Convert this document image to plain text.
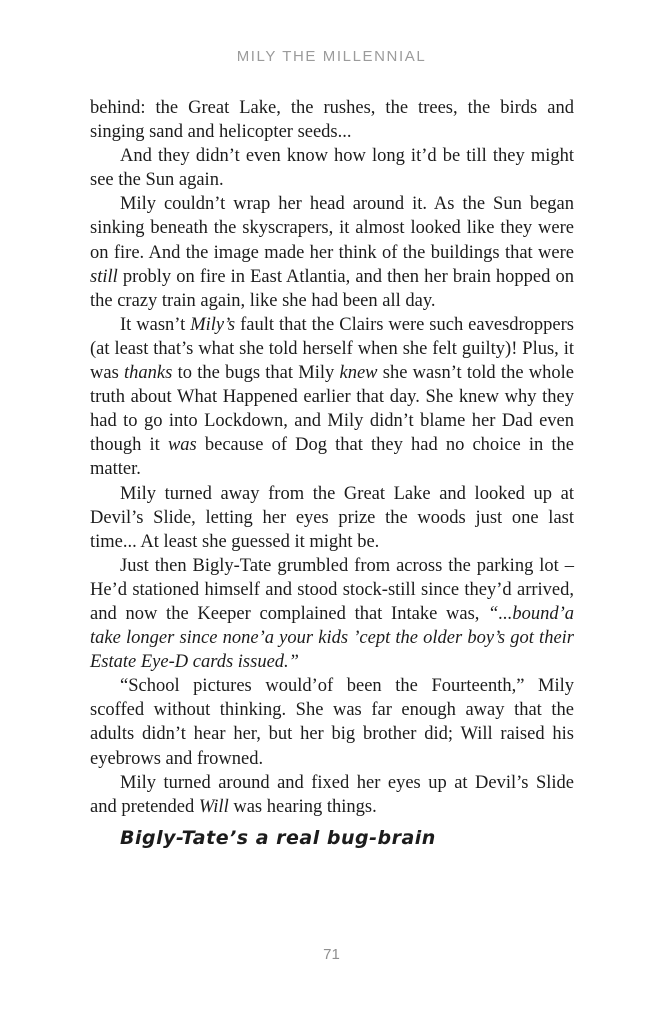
MILY THE MILLENNIAL

behind: the Great Lake, the rushes, the trees, the birds and singing sand and helicopter seeds...

And they didn’t even know how long it’d be till they might see the Sun again.

Mily couldn’t wrap her head around it. As the Sun began sinking beneath the skyscrapers, it almost looked like they were on fire. And the image made her think of the buildings that were still probly on fire in East Atlantia, and then her brain hopped on the crazy train again, like she had been all day.

It wasn’t Mily’s fault that the Clairs were such eavesdroppers (at least that’s what she told herself when she felt guilty)! Plus, it was thanks to the bugs that Mily knew she wasn’t told the whole truth about What Happened earlier that day. She knew why they had to go into Lockdown, and Mily didn’t blame her Dad even though it was because of Dog that they had no choice in the matter.

Mily turned away from the Great Lake and looked up at Devil’s Slide, letting her eyes prize the woods just one last time... At least she guessed it might be.

Just then Bigly-Tate grumbled from across the parking lot – He’d stationed himself and stood stock-still since they’d arrived, and now the Keeper complained that Intake was, “...bound’a take longer since none’a your kids ’cept the older boy’s got their Estate Eye-D cards issued.”

“School pictures would’of been the Fourteenth,” Mily scoffed without thinking. She was far enough away that the adults didn’t hear her, but her big brother did; Will raised his eyebrows and frowned.

Mily turned around and fixed her eyes up at Devil’s Slide and pretended Will was hearing things.

Bigly-Tate’s a real bug-brain

71
